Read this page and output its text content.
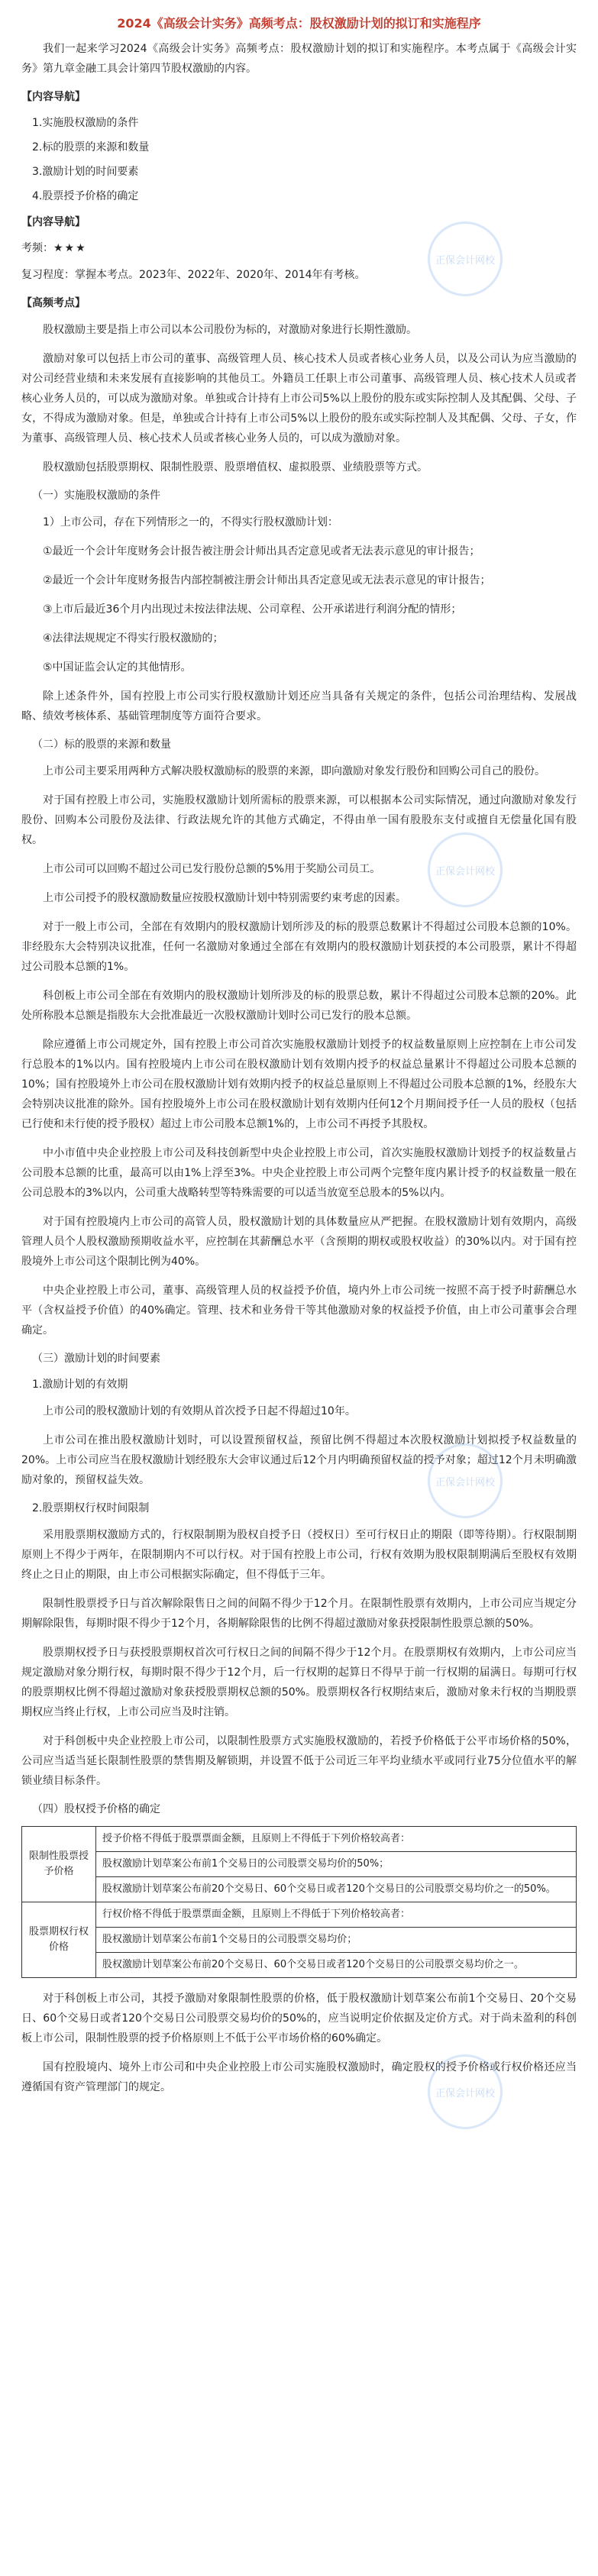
2024《高级会计实务》高频考点：股权激励计划的拟订和实施程序

我们一起来学习2024《高级会计实务》高频考点：股权激励计划的拟订和实施程序。本考点属于《高级会计实务》第九章金融工具会计第四节股权激励的内容。

【内容导航】
1.实施股权激励的条件
2.标的股票的来源和数量
3.激励计划的时间要素
4.股票授予价格的确定
【内容导航】
考频：★★★

复习程度：掌握本考点。2023年、2022年、2020年、2014年有考核。

【高频考点】

股权激励主要是指上市公司以本公司股份为标的，对激励对象进行长期性激励。

激励对象可以包括上市公司的董事、高级管理人员、核心技术人员或者核心业务人员，以及公司认为应当激励的对公司经营业绩和未来发展有直接影响的其他员工。外籍员工任职上市公司董事、高级管理人员、核心技术人员或者核心业务人员的，可以成为激励对象。单独或合计持有上市公司5%以上股份的股东或实际控制人及其配偶、父母、子女，不得成为激励对象。但是，单独或合计持有上市公司5%以上股份的股东或实际控制人及其配偶、父母、子女，作为董事、高级管理人员、核心技术人员或者核心业务人员的，可以成为激励对象。

股权激励包括股票期权、限制性股票、股票增值权、虚拟股票、业绩股票等方式。

（一）实施股权激励的条件

1）上市公司，存在下列情形之一的，不得实行股权激励计划：

①最近一个会计年度财务会计报告被注册会计师出具否定意见或者无法表示意见的审计报告；

②最近一个会计年度财务报告内部控制被注册会计师出具否定意见或无法表示意见的审计报告；

③上市后最近36个月内出现过未按法律法规、公司章程、公开承诺进行利润分配的情形；

④法律法规规定不得实行股权激励的；

⑤中国证监会认定的其他情形。

除上述条件外，国有控股上市公司实行股权激励计划还应当具备有关规定的条件，包括公司治理结构、发展战略、绩效考核体系、基础管理制度等方面符合要求。

（二）标的股票的来源和数量

上市公司主要采用两种方式解决股权激励标的股票的来源，即向激励对象发行股份和回购公司自己的股份。

对于国有控股上市公司，实施股权激励计划所需标的股票来源，可以根据本公司实际情况，通过向激励对象发行股份、回购本公司股份及法律、行政法规允许的其他方式确定，不得由单一国有股股东支付或擅自无偿量化国有股权。

上市公司可以回购不超过公司已发行股份总额的5%用于奖励公司员工。

上市公司授予的股权激励数量应按股权激励计划中特别需要约束考虑的因素。

对于一般上市公司，全部在有效期内的股权激励计划所涉及的标的股票总数累计不得超过公司股本总额的10%。非经股东大会特别决议批准，任何一名激励对象通过全部在有效期内的股权激励计划获授的本公司股票，累计不得超过公司股本总额的1%。

科创板上市公司全部在有效期内的股权激励计划所涉及的标的股票总数，累计不得超过公司股本总额的20%。此处所称股本总额是指股东大会批准最近一次股权激励计划时公司已发行的股本总额。

除应遵循上市公司规定外，国有控股上市公司首次实施股权激励计划授予的权益数量原则上应控制在上市公司发行总股本的1%以内。国有控股境内上市公司在股权激励计划有效期内授予的权益总量累计不得超过公司股本总额的10%；国有控股境外上市公司在股权激励计划有效期内授予的权益总量原则上不得超过公司股本总额的1%，经股东大会特别决议批准的除外。国有控股境外上市公司在股权激励计划有效期内任何12个月期间授予任一人员的股权（包括已行使和未行使的授予股权）超过上市公司股本总额1%的，上市公司不再授予其股权。

中小市值中央企业控股上市公司及科技创新型中央企业控股上市公司，首次实施股权激励计划授予的权益数量占公司股本总额的比重，最高可以由1%上浮至3%。中央企业控股上市公司两个完整年度内累计授予的权益数量一般在公司总股本的3%以内，公司重大战略转型等特殊需要的可以适当放宽至总股本的5%以内。

对于国有控股境内上市公司的高管人员，股权激励计划的具体数量应从严把握。在股权激励计划有效期内，高级管理人员个人股权激励预期收益水平，应控制在其薪酬总水平（含预期的期权或股权收益）的30%以内。对于国有控股境外上市公司这个限制比例为40%。

中央企业控股上市公司，董事、高级管理人员的权益授予价值，境内外上市公司统一按照不高于授予时薪酬总水平（含权益授予价值）的40%确定。管理、技术和业务骨干等其他激励对象的权益授予价值，由上市公司董事会合理确定。

（三）激励计划的时间要素
1.激励计划的有效期

上市公司的股权激励计划的有效期从首次授予日起不得超过10年。

上市公司在推出股权激励计划时，可以设置预留权益，预留比例不得超过本次股权激励计划拟授予权益数量的20%。上市公司应当在股权激励计划经股东大会审议通过后12个月内明确预留权益的授予对象；超过12个月未明确激励对象的，预留权益失效。

2.股票期权行权时间限制

采用股票期权激励方式的，行权限制期为股权自授予日（授权日）至可行权日止的期限（即等待期）。行权限制期原则上不得少于两年，在限制期内不可以行权。对于国有控股上市公司，行权有效期为股权限制期满后至股权有效期终止之日止的期限，由上市公司根据实际确定，但不得低于三年。

限制性股票授予日与首次解除限售日之间的间隔不得少于12个月。在限制性股票有效期内，上市公司应当规定分期解除限售，每期时限不得少于12个月，各期解除限售的比例不得超过激励对象获授限制性股票总额的50%。

股票期权授予日与获授股票期权首次可行权日之间的间隔不得少于12个月。在股票期权有效期内，上市公司应当规定激励对象分期行权，每期时限不得少于12个月，后一行权期的起算日不得早于前一行权期的届满日。每期可行权的股票期权比例不得超过激励对象获授股票期权总额的50%。股票期权各行权期结束后，激励对象未行权的当期股票期权应当终止行权，上市公司应当及时注销。

对于科创板中央企业控股上市公司，以限制性股票方式实施股权激励的，若授予价格低于公平市场价格的50%，公司应当适当延长限制性股票的禁售期及解锁期，并设置不低于公司近三年平均业绩水平或同行业75分位值水平的解锁业绩目标条件。

（四）股权授予价格的确定
限制性股票授予价格	授予价格不得低于股票票面金额，且原则上不得低于下列价格较高者：
	股权激励计划草案公布前1个交易日的公司股票交易均价的50%；
	股权激励计划草案公布前20个交易日、60个交易日或者120个交易日的公司股票交易均价之一的50%。
股票期权行权价格	行权价格不得低于股票票面金额，且原则上不得低于下列价格较高者：
	股权激励计划草案公布前1个交易日的公司股票交易均价；
	股权激励计划草案公布前20个交易日、60个交易日或者120个交易日的公司股票交易均价之一。

对于科创板上市公司，其授予激励对象限制性股票的价格，低于股权激励计划草案公布前1个交易日、20个交易日、60个交易日或者120个交易日公司股票交易均价的50%的，应当说明定价依据及定价方式。对于尚未盈利的科创板上市公司，限制性股票的授予价格原则上不低于公平市场价格的60%确定。

国有控股境内、境外上市公司和中央企业控股上市公司实施股权激励时，确定股权的授予价格或行权价格还应当遵循国有资产管理部门的规定。

正保会计网校
正保会计网校
正保会计网校
正保会计网校
